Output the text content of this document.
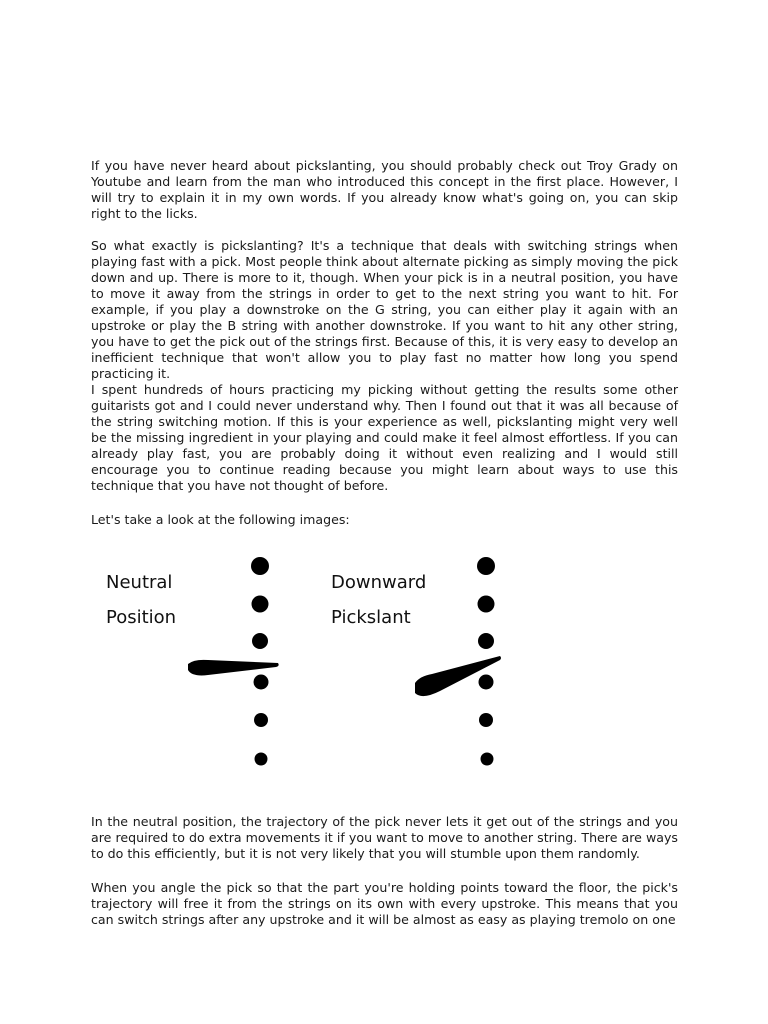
If you have never heard about pickslanting, you should probably check out Troy Grady on Youtube and learn from the man who introduced this concept in the first place. However, I will try to explain it in my own words. If you already know what's going on, you can skip right to the licks.

So what exactly is pickslanting? It's a technique that deals with switching strings when playing fast with a pick. Most people think about alternate picking as simply moving the pick down and up. There is more to it, though. When your pick is in a neutral position, you have to move it away from the strings in order to get to the next string you want to hit. For example, if you play a downstroke on the G string, you can either play it again with an upstroke or play the B string with another downstroke. If you want to hit any other string, you have to get the pick out of the strings first. Because of this, it is very easy to develop an inefficient technique that won't allow you to play fast no matter how long you spend practicing it.

I spent hundreds of hours practicing my picking without getting the results some other guitarists got and I could never understand why. Then I found out that it was all because of the string switching motion. If this is your experience as well, pickslanting might very well be the missing ingredient in your playing and could make it feel almost effortless. If you can already play fast, you are probably doing it without even realizing and I would still encourage you to continue reading because you might learn about ways to use this technique that you have not thought of before.

Let's take a look at the following images:

Neutral
Position
Downward
Pickslant

In the neutral position, the trajectory of the pick never lets it get out of the strings and you are required to do extra movements it if you want to move to another string. There are ways to do this efficiently, but it is not very likely that you will stumble upon them randomly.

When you angle the pick so that the part you're holding points toward the floor, the pick's trajectory will free it from the strings on its own with every upstroke. This means that you can switch strings after any upstroke and it will be almost as easy as playing tremolo on one
